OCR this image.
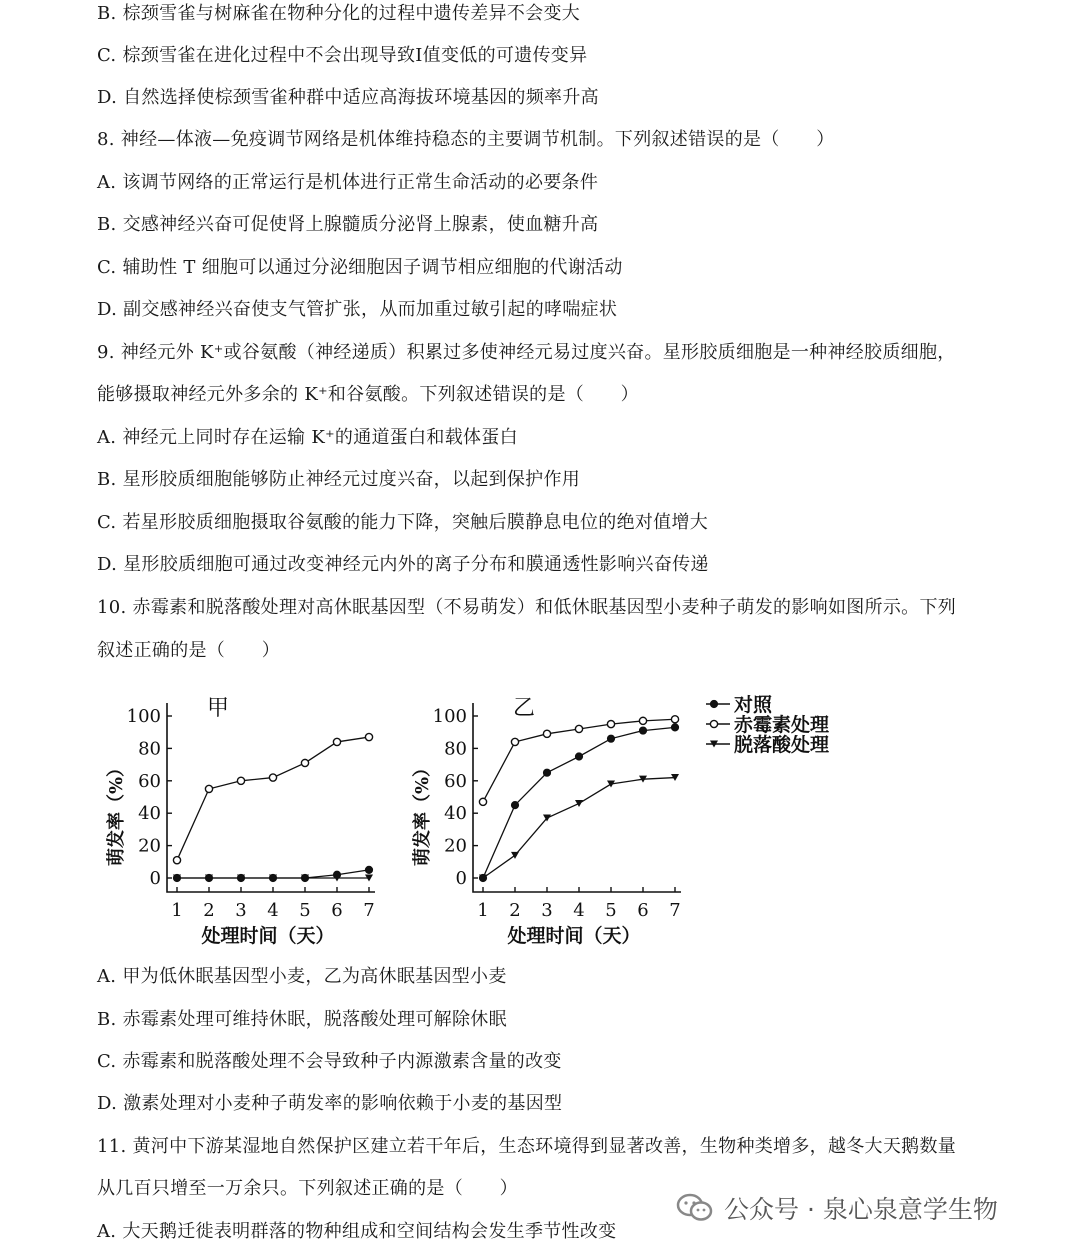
B. 棕颈雪雀与树麻雀在物种分化的过程中遗传差异不会变大
C. 棕颈雪雀在进化过程中不会出现导致I值变低的可遗传变异
D. 自然选择使棕颈雪雀种群中适应高海拔环境基因的频率升高
8. 神经—体液—免疫调节网络是机体维持稳态的主要调节机制。下列叙述错误的是（　　）
A. 该调节网络的正常运行是机体进行正常生命活动的必要条件
B. 交感神经兴奋可促使肾上腺髓质分泌肾上腺素，使血糖升高
C. 辅助性 T 细胞可以通过分泌细胞因子调节相应细胞的代谢活动
D. 副交感神经兴奋使支气管扩张，从而加重过敏引起的哮喘症状
9. 神经元外 K⁺或谷氨酸（神经递质）积累过多使神经元易过度兴奋。星形胶质细胞是一种神经胶质细胞，
能够摄取神经元外多余的 K⁺和谷氨酸。下列叙述错误的是（　　）
A. 神经元上同时存在运输 K⁺的通道蛋白和载体蛋白
B. 星形胶质细胞能够防止神经元过度兴奋，以起到保护作用
C. 若星形胶质细胞摄取谷氨酸的能力下降，突触后膜静息电位的绝对值增大
D. 星形胶质细胞可通过改变神经元内外的离子分布和膜通透性影响兴奋传递
10. 赤霉素和脱落酸处理对高休眠基因型（不易萌发）和低休眠基因型小麦种子萌发的影响如图所示。下列
叙述正确的是（　　）
A. 甲为低休眠基因型小麦，乙为高休眠基因型小麦
B. 赤霉素处理可维持休眠，脱落酸处理可解除休眠
C. 赤霉素和脱落酸处理不会导致种子内源激素含量的改变
D. 激素处理对小麦种子萌发率的影响依赖于小麦的基因型
11. 黄河中下游某湿地自然保护区建立若干年后，生态环境得到显著改善，生物种类增多，越冬大天鹅数量
从几百只增至一万余只。下列叙述正确的是（　　）
A. 大天鹅迁徙表明群落的物种组成和空间结构会发生季节性改变
0
20
40
60
80
100
1 2 3 4 5 6 7
甲
处理时间（天）
萌发率（%）
0
20
40
60
80
100
1 2 3 4 5 6 7
乙
处理时间（天）
萌发率（%）
对照
赤霉素处理
脱落酸处理
公众号 · 泉心泉意学生物
